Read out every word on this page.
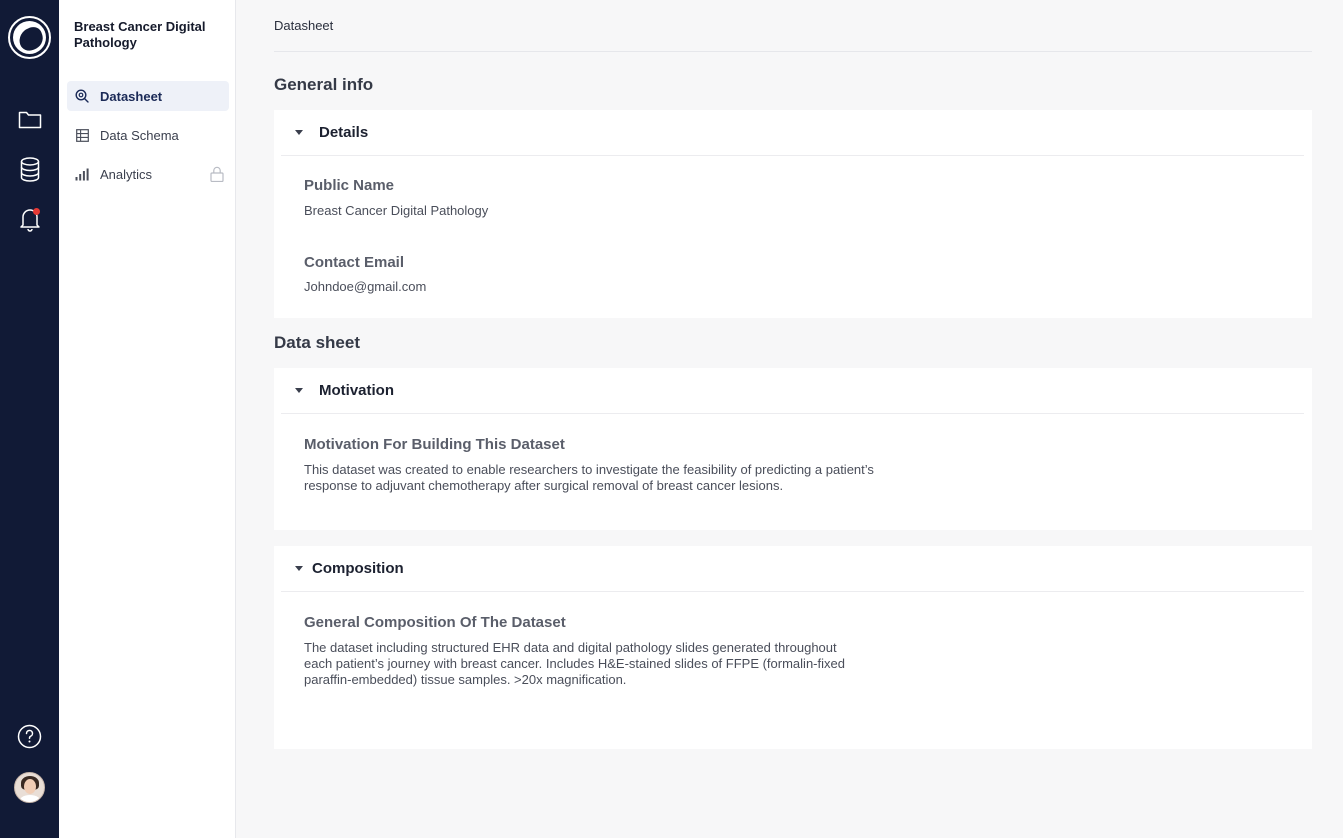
Breast Cancer Digital Pathology
Datasheet
Data Schema
Analytics
Datasheet
General info
Details
Public Name
Breast Cancer Digital Pathology
Contact Email
Johndoe@gmail.com
Data sheet
Motivation
Motivation For Building This Dataset
This dataset was created to enable researchers to investigate the feasibility of predicting a patient’s
response to adjuvant chemotherapy after surgical removal of breast cancer lesions.
Composition
General Composition Of The Dataset
The dataset including structured EHR data and digital pathology slides generated throughout
each patient’s journey with breast cancer. Includes H&E-stained slides of FFPE (formalin-fixed
paraffin-embedded) tissue samples. >20x magnification.
